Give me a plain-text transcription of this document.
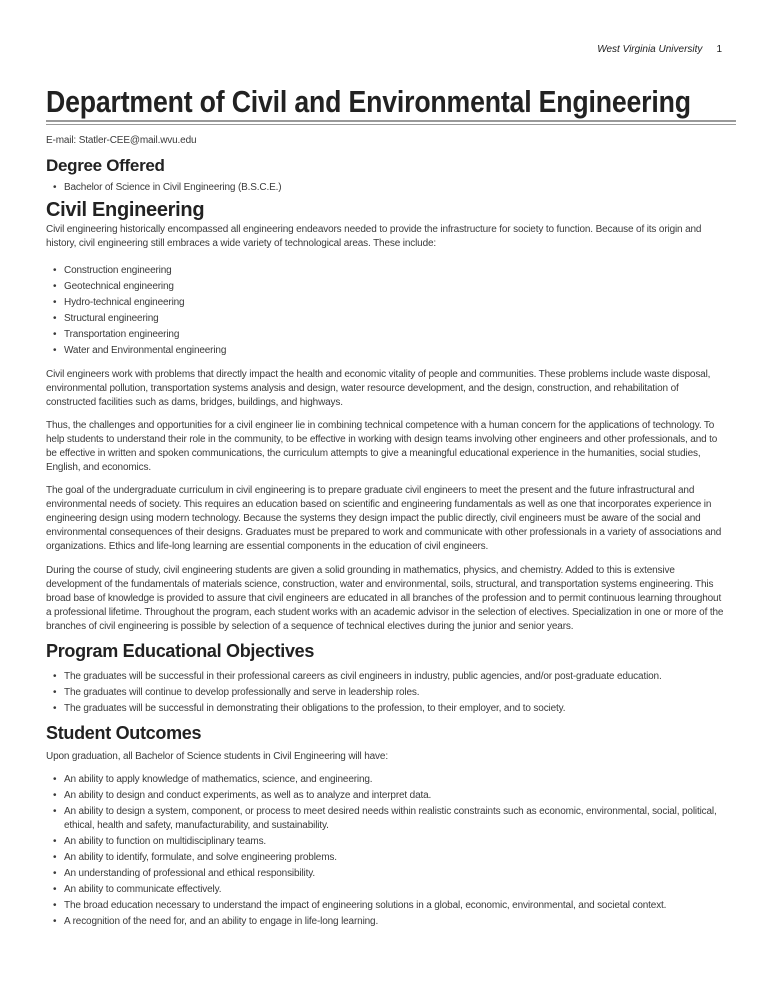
West Virginia University 1
Department of Civil and Environmental Engineering

E-mail: Statler-CEE@mail.wvu.edu

Degree Offered
• Bachelor of Science in Civil Engineering (B.S.C.E.)
Civil Engineering

Civil engineering historically encompassed all engineering endeavors needed to provide the infrastructure for society to function. Because of its origin and history, civil engineering still embraces a wide variety of technological areas. These include:

• Construction engineering
• Geotechnical engineering
• Hydro-technical engineering
• Structural engineering
• Transportation engineering
• Water and Environmental engineering

Civil engineers work with problems that directly impact the health and economic vitality of people and communities. These problems include waste disposal, environmental pollution, transportation systems analysis and design, water resource development, and the design, construction, and rehabilitation of constructed facilities such as dams, bridges, buildings, and highways.

Thus, the challenges and opportunities for a civil engineer lie in combining technical competence with a human concern for the applications of technology. To help students to understand their role in the community, to be effective in working with design teams involving other engineers and other professionals, and to be effective in written and spoken communications, the curriculum attempts to give a meaningful educational experience in the humanities, social studies, English, and economics.

The goal of the undergraduate curriculum in civil engineering is to prepare graduate civil engineers to meet the present and the future infrastructural and environmental needs of society. This requires an education based on scientific and engineering fundamentals as well as one that incorporates experience in engineering design using modern technology. Because the systems they design impact the public directly, civil engineers must be aware of the social and environmental consequences of their designs. Graduates must be prepared to work and communicate with other professionals in a variety of associations and organizations. Ethics and life-long learning are essential components in the education of civil engineers.

During the course of study, civil engineering students are given a solid grounding in mathematics, physics, and chemistry. Added to this is extensive development of the fundamentals of materials science, construction, water and environmental, soils, structural, and transportation systems engineering. This broad base of knowledge is provided to assure that civil engineers are educated in all branches of the profession and to permit continuous learning throughout a professional lifetime. Throughout the program, each student works with an academic advisor in the selection of electives. Specialization in one or more of the branches of civil engineering is possible by selection of a sequence of technical electives during the junior and senior years.

Program Educational Objectives
• The graduates will be successful in their professional careers as civil engineers in industry, public agencies, and/or post-graduate education.
• The graduates will continue to develop professionally and serve in leadership roles.
• The graduates will be successful in demonstrating their obligations to the profession, to their employer, and to society.
Student Outcomes

Upon graduation, all Bachelor of Science students in Civil Engineering will have:

• An ability to apply knowledge of mathematics, science, and engineering.
• An ability to design and conduct experiments, as well as to analyze and interpret data.
• An ability to design a system, component, or process to meet desired needs within realistic constraints such as economic, environmental, social, political, ethical, health and safety, manufacturability, and sustainability.
• An ability to function on multidisciplinary teams.
• An ability to identify, formulate, and solve engineering problems.
• An understanding of professional and ethical responsibility.
• An ability to communicate effectively.
• The broad education necessary to understand the impact of engineering solutions in a global, economic, environmental, and societal context.
• A recognition of the need for, and an ability to engage in life-long learning.
